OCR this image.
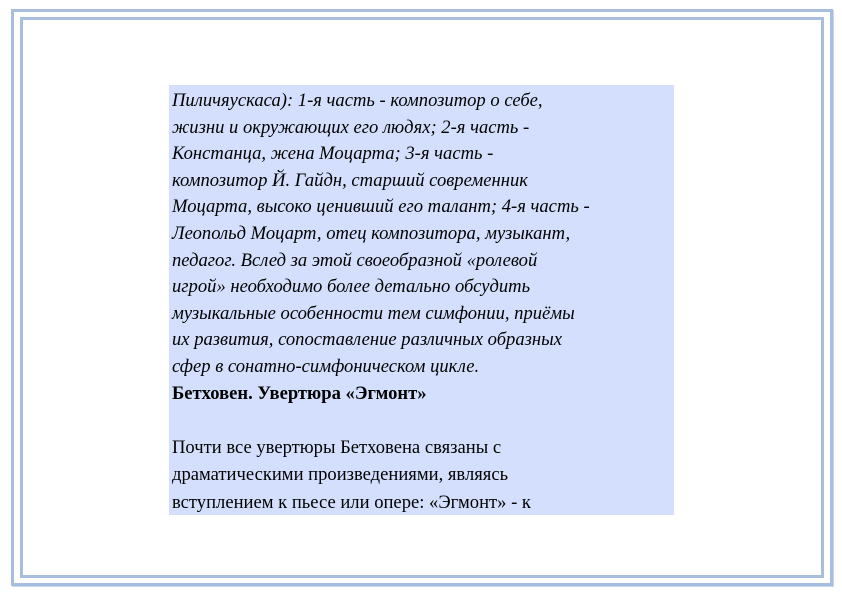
Пиличяускаса): 1-я часть - композитор о себе,
жизни и окружающих его людях; 2-я часть -
Констанца, жена Моцарта; 3-я часть -
композитор Й. Гайдн, старший современник
Моцарта, высоко ценивший его талант; 4-я часть -
Леопольд Моцарт, отец композитора, музыкант,
педагог. Вслед за этой своеобразной «ролевой
игрой» необходимо более детально обсудить
музыкальные особенности тем симфонии, приёмы
их развития, сопоставление различных образных
сфер в сонатно-симфоническом цикле.
Бетховен. Увертюра «Эгмонт»
Почти все увертюры Бетховена связаны с
драматическими произведениями, являясь
вступлением к пьесе или опере: «Эгмонт» - к
